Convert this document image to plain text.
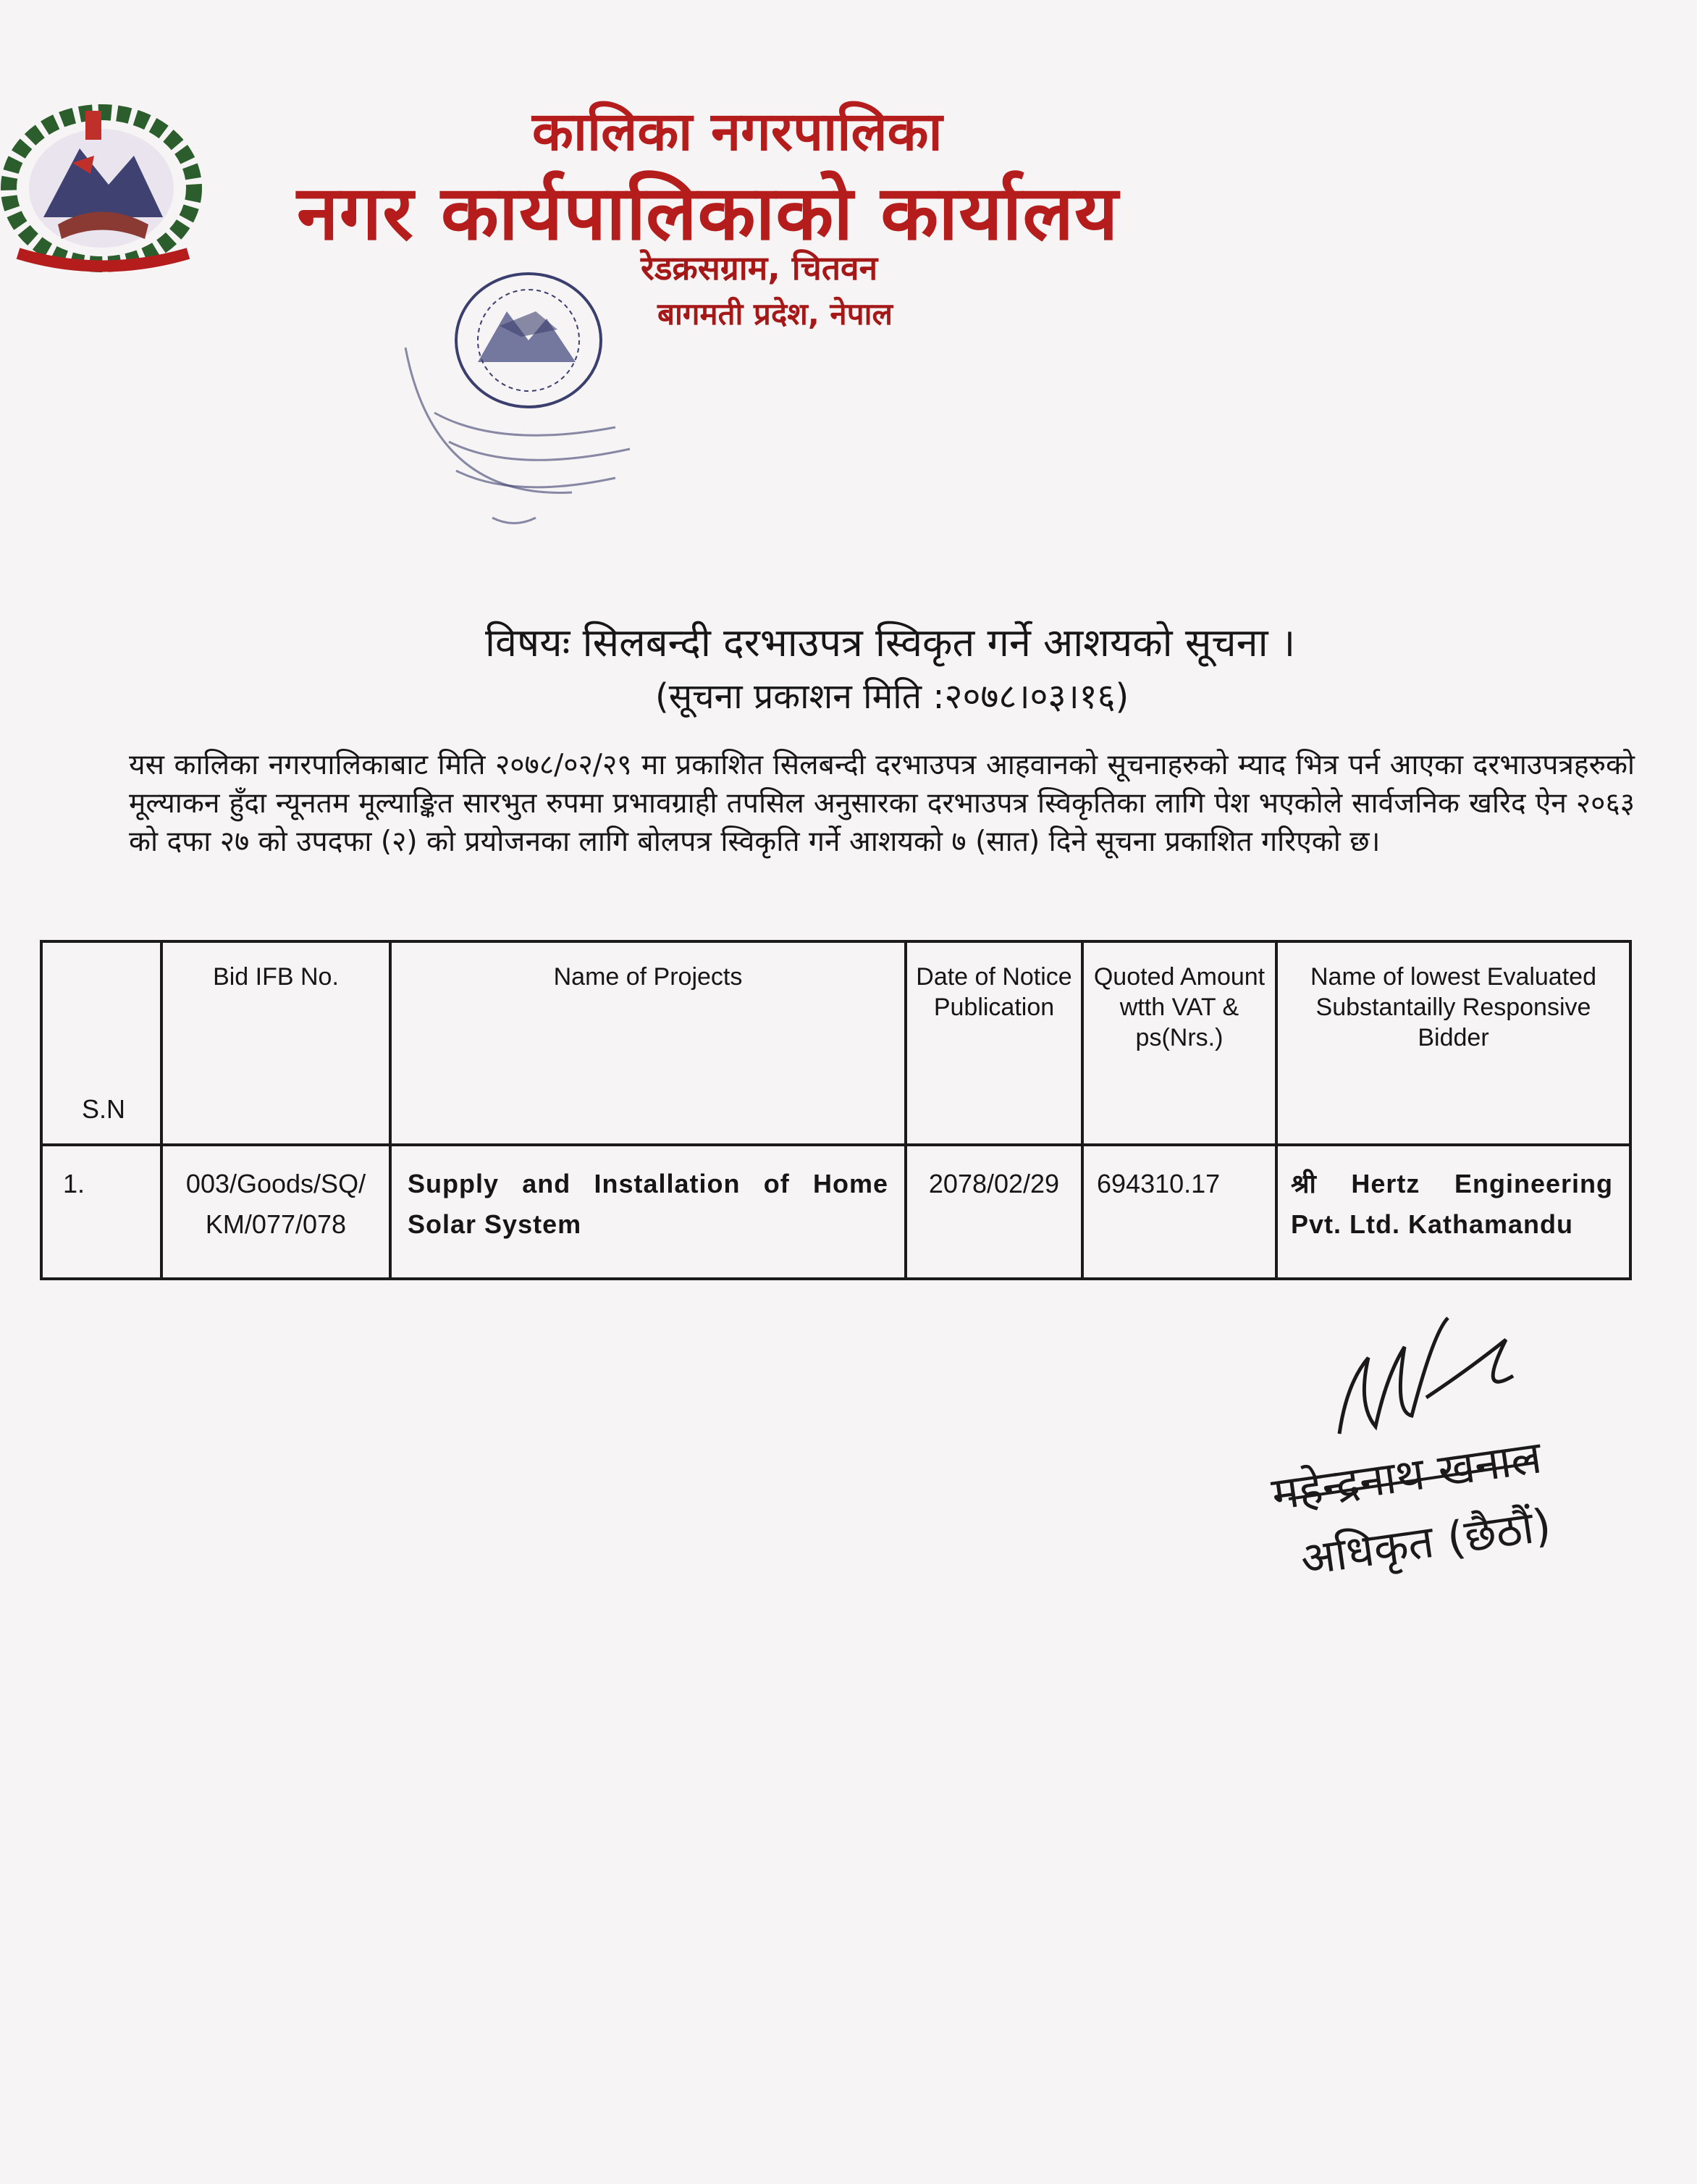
कालिका नगरपालिका
नगर कार्यपालिकाको कार्यालय
रेडक्रसग्राम, चितवन
बागमती प्रदेश, नेपाल
विषयः सिलबन्दी दरभाउपत्र स्विकृत गर्ने आशयको सूचना ।
(सूचना प्रकाशन मिति :२०७८।०३।१६)
यस कालिका नगरपालिकाबाट मिति २०७८/०२/२९ मा प्रकाशित सिलबन्दी दरभाउपत्र आहवानको सूचनाहरुको म्याद भित्र पर्न आएका दरभाउपत्रहरुको मूल्याकन हुँदा न्यूनतम मूल्याङ्कित सारभुत रुपमा प्रभावग्राही तपसिल अनुसारका दरभाउपत्र स्विकृतिका लागि पेश भएकोले सार्वजनिक खरिद ऐन २०६३ को दफा २७ को उपदफा (२) को प्रयोजनका लागि बोलपत्र स्विकृति गर्ने आशयको ७ (सात) दिने सूचना प्रकाशित गरिएको छ।
S.N	Bid IFB No.	Name of Projects	Date of Notice Publication	Quoted Amount wtth VAT & ps(Nrs.)	Name of lowest Evaluated Substantailly Responsive Bidder
1.	003/Goods/SQ/ KM/077/078	Supply and Installation of Home Solar System	2078/02/29	694310.17	श्री Hertz Engineering Pvt. Ltd. Kathamandu
महेन्द्रनाथ खनाल
अधिकृत (छैठौं)
